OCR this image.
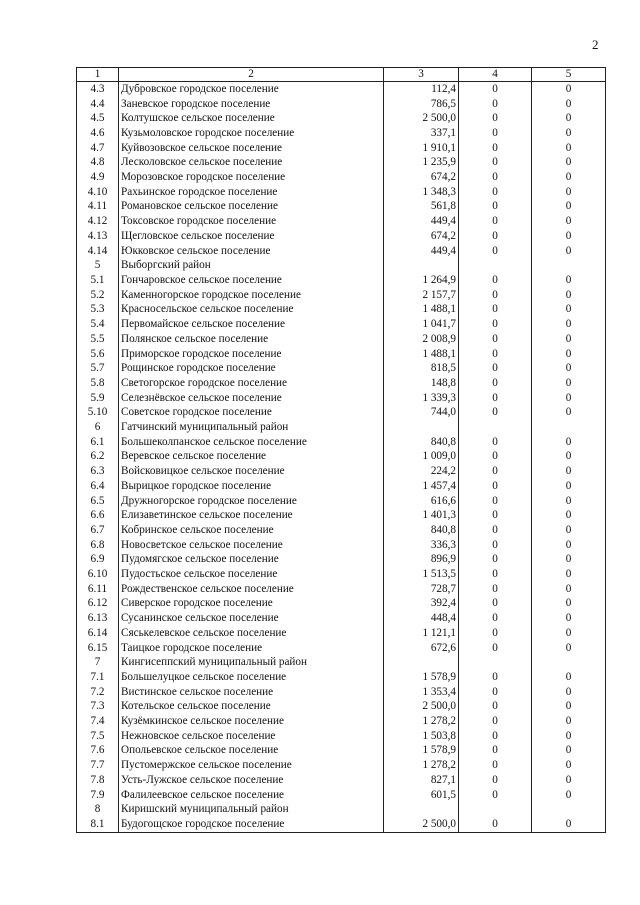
2
1	2	3	4	5
4.3	Дубровское городское поселение	112,4	0	0
4.4	Заневское городское поселение	786,5	0	0
4.5	Колтушское сельское поселение	2 500,0	0	0
4.6	Кузьмоловское городское поселение	337,1	0	0
4.7	Куйвозовское сельское поселение	1 910,1	0	0
4.8	Лесколовское сельское поселение	1 235,9	0	0
4.9	Морозовское городское поселение	674,2	0	0
4.10	Рахьинское городское поселение	1 348,3	0	0
4.11	Романовское сельское поселение	561,8	0	0
4.12	Токсовское городское поселение	449,4	0	0
4.13	Щегловское сельское поселение	674,2	0	0
4.14	Юкковское сельское поселение	449,4	0	0
5	Выборгский район			
5.1	Гончаровское сельское поселение	1 264,9	0	0
5.2	Каменногорское городское поселение	2 157,7	0	0
5.3	Красносельское сельское поселение	1 488,1	0	0
5.4	Первомайское сельское поселение	1 041,7	0	0
5.5	Полянское сельское поселение	2 008,9	0	0
5.6	Приморское городское поселение	1 488,1	0	0
5.7	Рощинское городское поселение	818,5	0	0
5.8	Светогорское городское поселение	148,8	0	0
5.9	Селезнёвское сельское поселение	1 339,3	0	0
5.10	Советское городское поселение	744,0	0	0
6	Гатчинский муниципальный район			
6.1	Большеколпанское сельское поселение	840,8	0	0
6.2	Веревское сельское поселение	1 009,0	0	0
6.3	Войсковицкое сельское поселение	224,2	0	0
6.4	Вырицкое городское поселение	1 457,4	0	0
6.5	Дружногорское городское поселение	616,6	0	0
6.6	Елизаветинское сельское поселение	1 401,3	0	0
6.7	Кобринское сельское поселение	840,8	0	0
6.8	Новосветское сельское поселение	336,3	0	0
6.9	Пудомягское сельское поселение	896,9	0	0
6.10	Пудостьское сельское поселение	1 513,5	0	0
6.11	Рождественское сельское поселение	728,7	0	0
6.12	Сиверское городское поселение	392,4	0	0
6.13	Сусанинское сельское поселение	448,4	0	0
6.14	Сяськелевское сельское поселение	1 121,1	0	0
6.15	Таицкое городское поселение	672,6	0	0
7	Кингисеппский муниципальный район			
7.1	Большелуцкое сельское поселение	1 578,9	0	0
7.2	Вистинское сельское поселение	1 353,4	0	0
7.3	Котельское сельское поселение	2 500,0	0	0
7.4	Кузёмкинское сельское поселение	1 278,2	0	0
7.5	Нежновское сельское поселение	1 503,8	0	0
7.6	Опольевское сельское поселение	1 578,9	0	0
7.7	Пустомержское сельское поселение	1 278,2	0	0
7.8	Усть-Лужское сельское поселение	827,1	0	0
7.9	Фалилеевское сельское поселение	601,5	0	0
8	Киришский муниципальный район			
8.1	Будогощское городское поселение	2 500,0	0	0
